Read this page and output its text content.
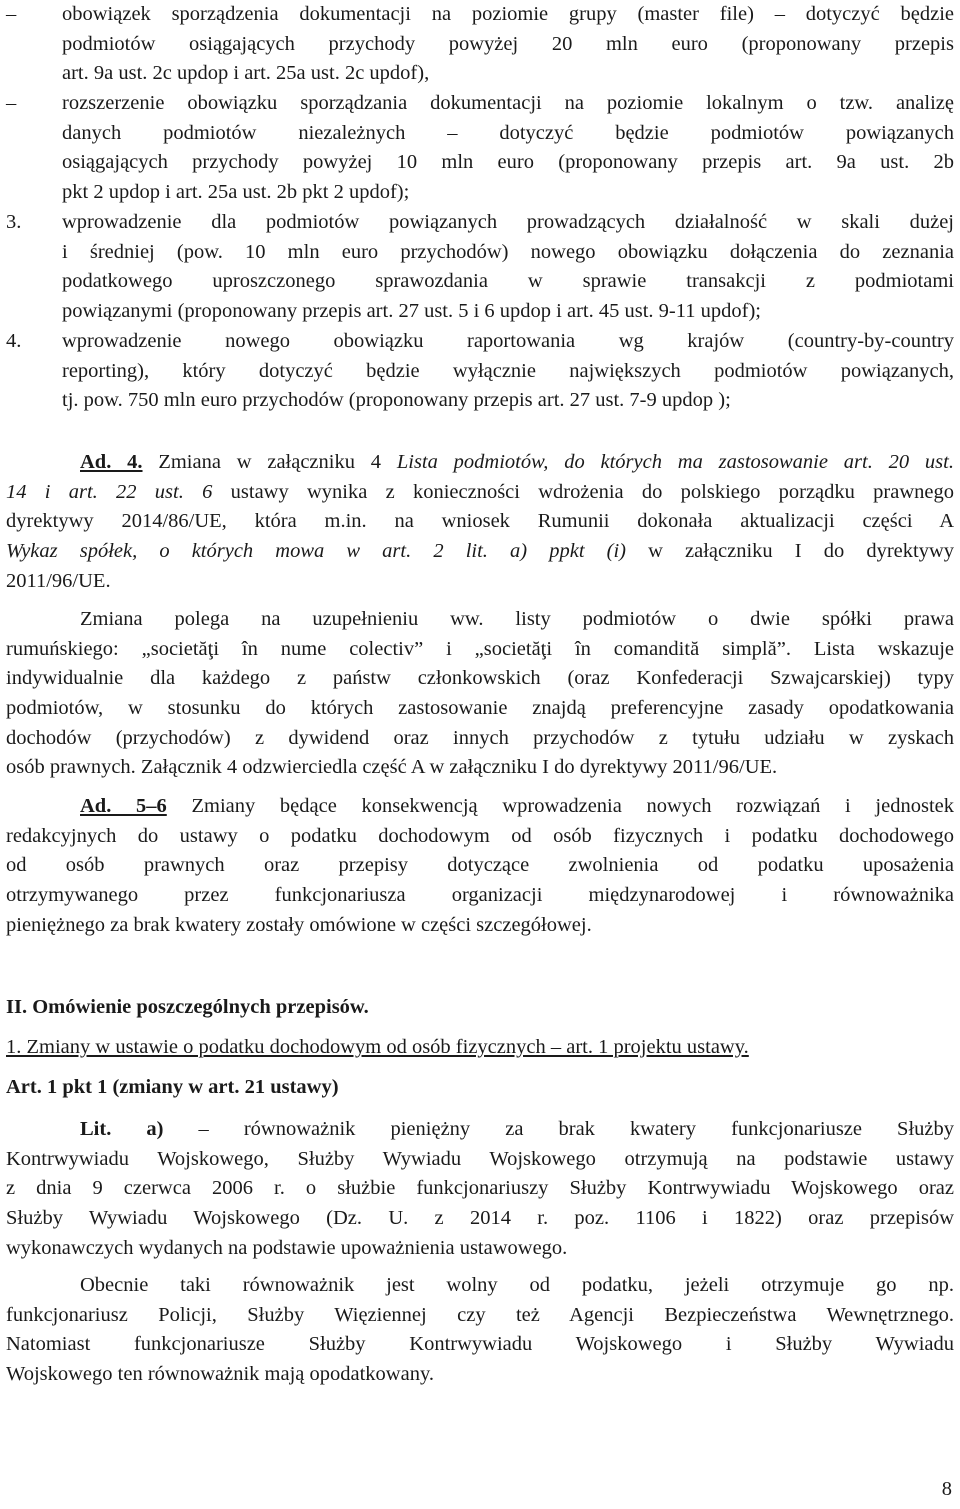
– obowiązek sporządzenia dokumentacji na poziomie grupy (master file) – dotyczyć będzie
podmiotów osiągających przychody powyżej 20 mln euro (proponowany przepis
art. 9a ust. 2c updop i art. 25a ust. 2c updof),
– rozszerzenie obowiązku sporządzania dokumentacji na poziomie lokalnym o tzw. analizę
danych podmiotów niezależnych – dotyczyć będzie podmiotów powiązanych
osiągających przychody powyżej 10 mln euro (proponowany przepis art. 9a ust. 2b
pkt 2 updop i art. 25a ust. 2b pkt 2 updof);
3. wprowadzenie dla podmiotów powiązanych prowadzących działalność w skali dużej
i średniej (pow. 10 mln euro przychodów) nowego obowiązku dołączenia do zeznania
podatkowego uproszczonego sprawozdania w sprawie transakcji z podmiotami
powiązanymi (proponowany przepis art. 27 ust. 5 i 6 updop i art. 45 ust. 9-11 updof);
4. wprowadzenie nowego obowiązku raportowania wg krajów (country-by-country
reporting), który dotyczyć będzie wyłącznie największych podmiotów powiązanych,
tj. pow. 750 mln euro przychodów (proponowany przepis art. 27 ust. 7-9 updop );
Ad. 4. Zmiana w załączniku 4 Lista podmiotów, do których ma zastosowanie art. 20 ust.
14 i art. 22 ust. 6 ustawy wynika z konieczności wdrożenia do polskiego porządku prawnego
dyrektywy 2014/86/UE, która m.in. na wniosek Rumunii dokonała aktualizacji części A
Wykaz spółek, o których mowa w art. 2 lit. a) ppkt (i) w załączniku I do dyrektywy
2011/96/UE.
Zmiana polega na uzupełnieniu ww. listy podmiotów o dwie spółki prawa
rumuńskiego: „societăţi în nume colectiv” i „societăţi în comandită simplă”. Lista wskazuje
indywidualnie dla każdego z państw członkowskich (oraz Konfederacji Szwajcarskiej) typy
podmiotów, w stosunku do których zastosowanie znajdą preferencyjne zasady opodatkowania
dochodów (przychodów) z dywidend oraz innych przychodów z tytułu udziału w zyskach
osób prawnych. Załącznik 4 odzwierciedla część A w załączniku I do dyrektywy 2011/96/UE.
Ad. 5–6 Zmiany będące konsekwencją wprowadzenia nowych rozwiązań i jednostek
redakcyjnych do ustawy o podatku dochodowym od osób fizycznych i podatku dochodowego
od osób prawnych oraz przepisy dotyczące zwolnienia od podatku uposażenia
otrzymywanego przez funkcjonariusza organizacji międzynarodowej i równoważnika
pieniężnego za brak kwatery zostały omówione w części szczegółowej.
II. Omówienie poszczególnych przepisów.
1. Zmiany w ustawie o podatku dochodowym od osób fizycznych – art. 1 projektu ustawy.
Art. 1 pkt 1 (zmiany w art. 21 ustawy)
Lit. a) – równoważnik pieniężny za brak kwatery funkcjonariusze Służby
Kontrwywiadu Wojskowego, Służby Wywiadu Wojskowego otrzymują na podstawie ustawy
z dnia 9 czerwca 2006 r. o służbie funkcjonariuszy Służby Kontrwywiadu Wojskowego oraz
Służby Wywiadu Wojskowego (Dz. U. z 2014 r. poz. 1106 i 1822) oraz przepisów
wykonawczych wydanych na podstawie upoważnienia ustawowego.
Obecnie taki równoważnik jest wolny od podatku, jeżeli otrzymuje go np.
funkcjonariusz Policji, Służby Więziennej czy też Agencji Bezpieczeństwa Wewnętrznego.
Natomiast funkcjonariusze Służby Kontrwywiadu Wojskowego i Służby Wywiadu
Wojskowego ten równoważnik mają opodatkowany.
8
